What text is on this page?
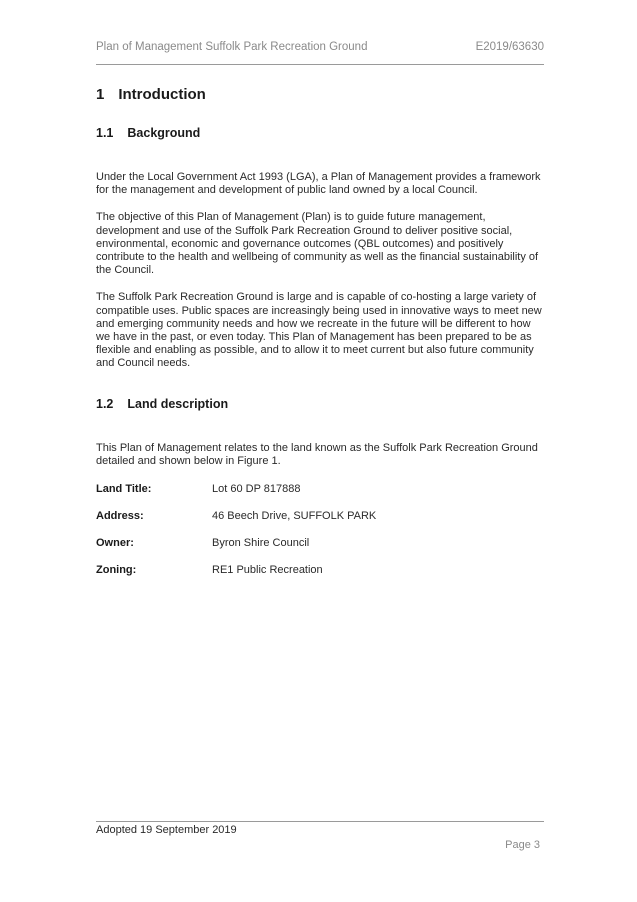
Plan of Management Suffolk Park Recreation Ground	E2019/63630
1 Introduction
1.1 Background

Under the Local Government Act 1993 (LGA), a Plan of Management provides a framework for the management and development of public land owned by a local Council.

The objective of this Plan of Management (Plan) is to guide future management, development and use of the Suffolk Park Recreation Ground to deliver positive social, environmental, economic and governance outcomes (QBL outcomes) and positively contribute to the health and wellbeing of community as well as the financial sustainability of the Council.

The Suffolk Park Recreation Ground is large and is capable of co-hosting a large variety of compatible uses. Public spaces are increasingly being used in innovative ways to meet new and emerging community needs and how we recreate in the future will be different to how we have in the past, or even today. This Plan of Management has been prepared to be as flexible and enabling as possible, and to allow it to meet current but also future community and Council needs.

1.2 Land description

This Plan of Management relates to the land known as the Suffolk Park Recreation Ground detailed and shown below in Figure 1.

Land Title:	Lot 60 DP 817888
Address:	46 Beech Drive, SUFFOLK PARK
Owner:	Byron Shire Council
Zoning:	RE1 Public Recreation
Adopted 19 September 2019
Page 3
